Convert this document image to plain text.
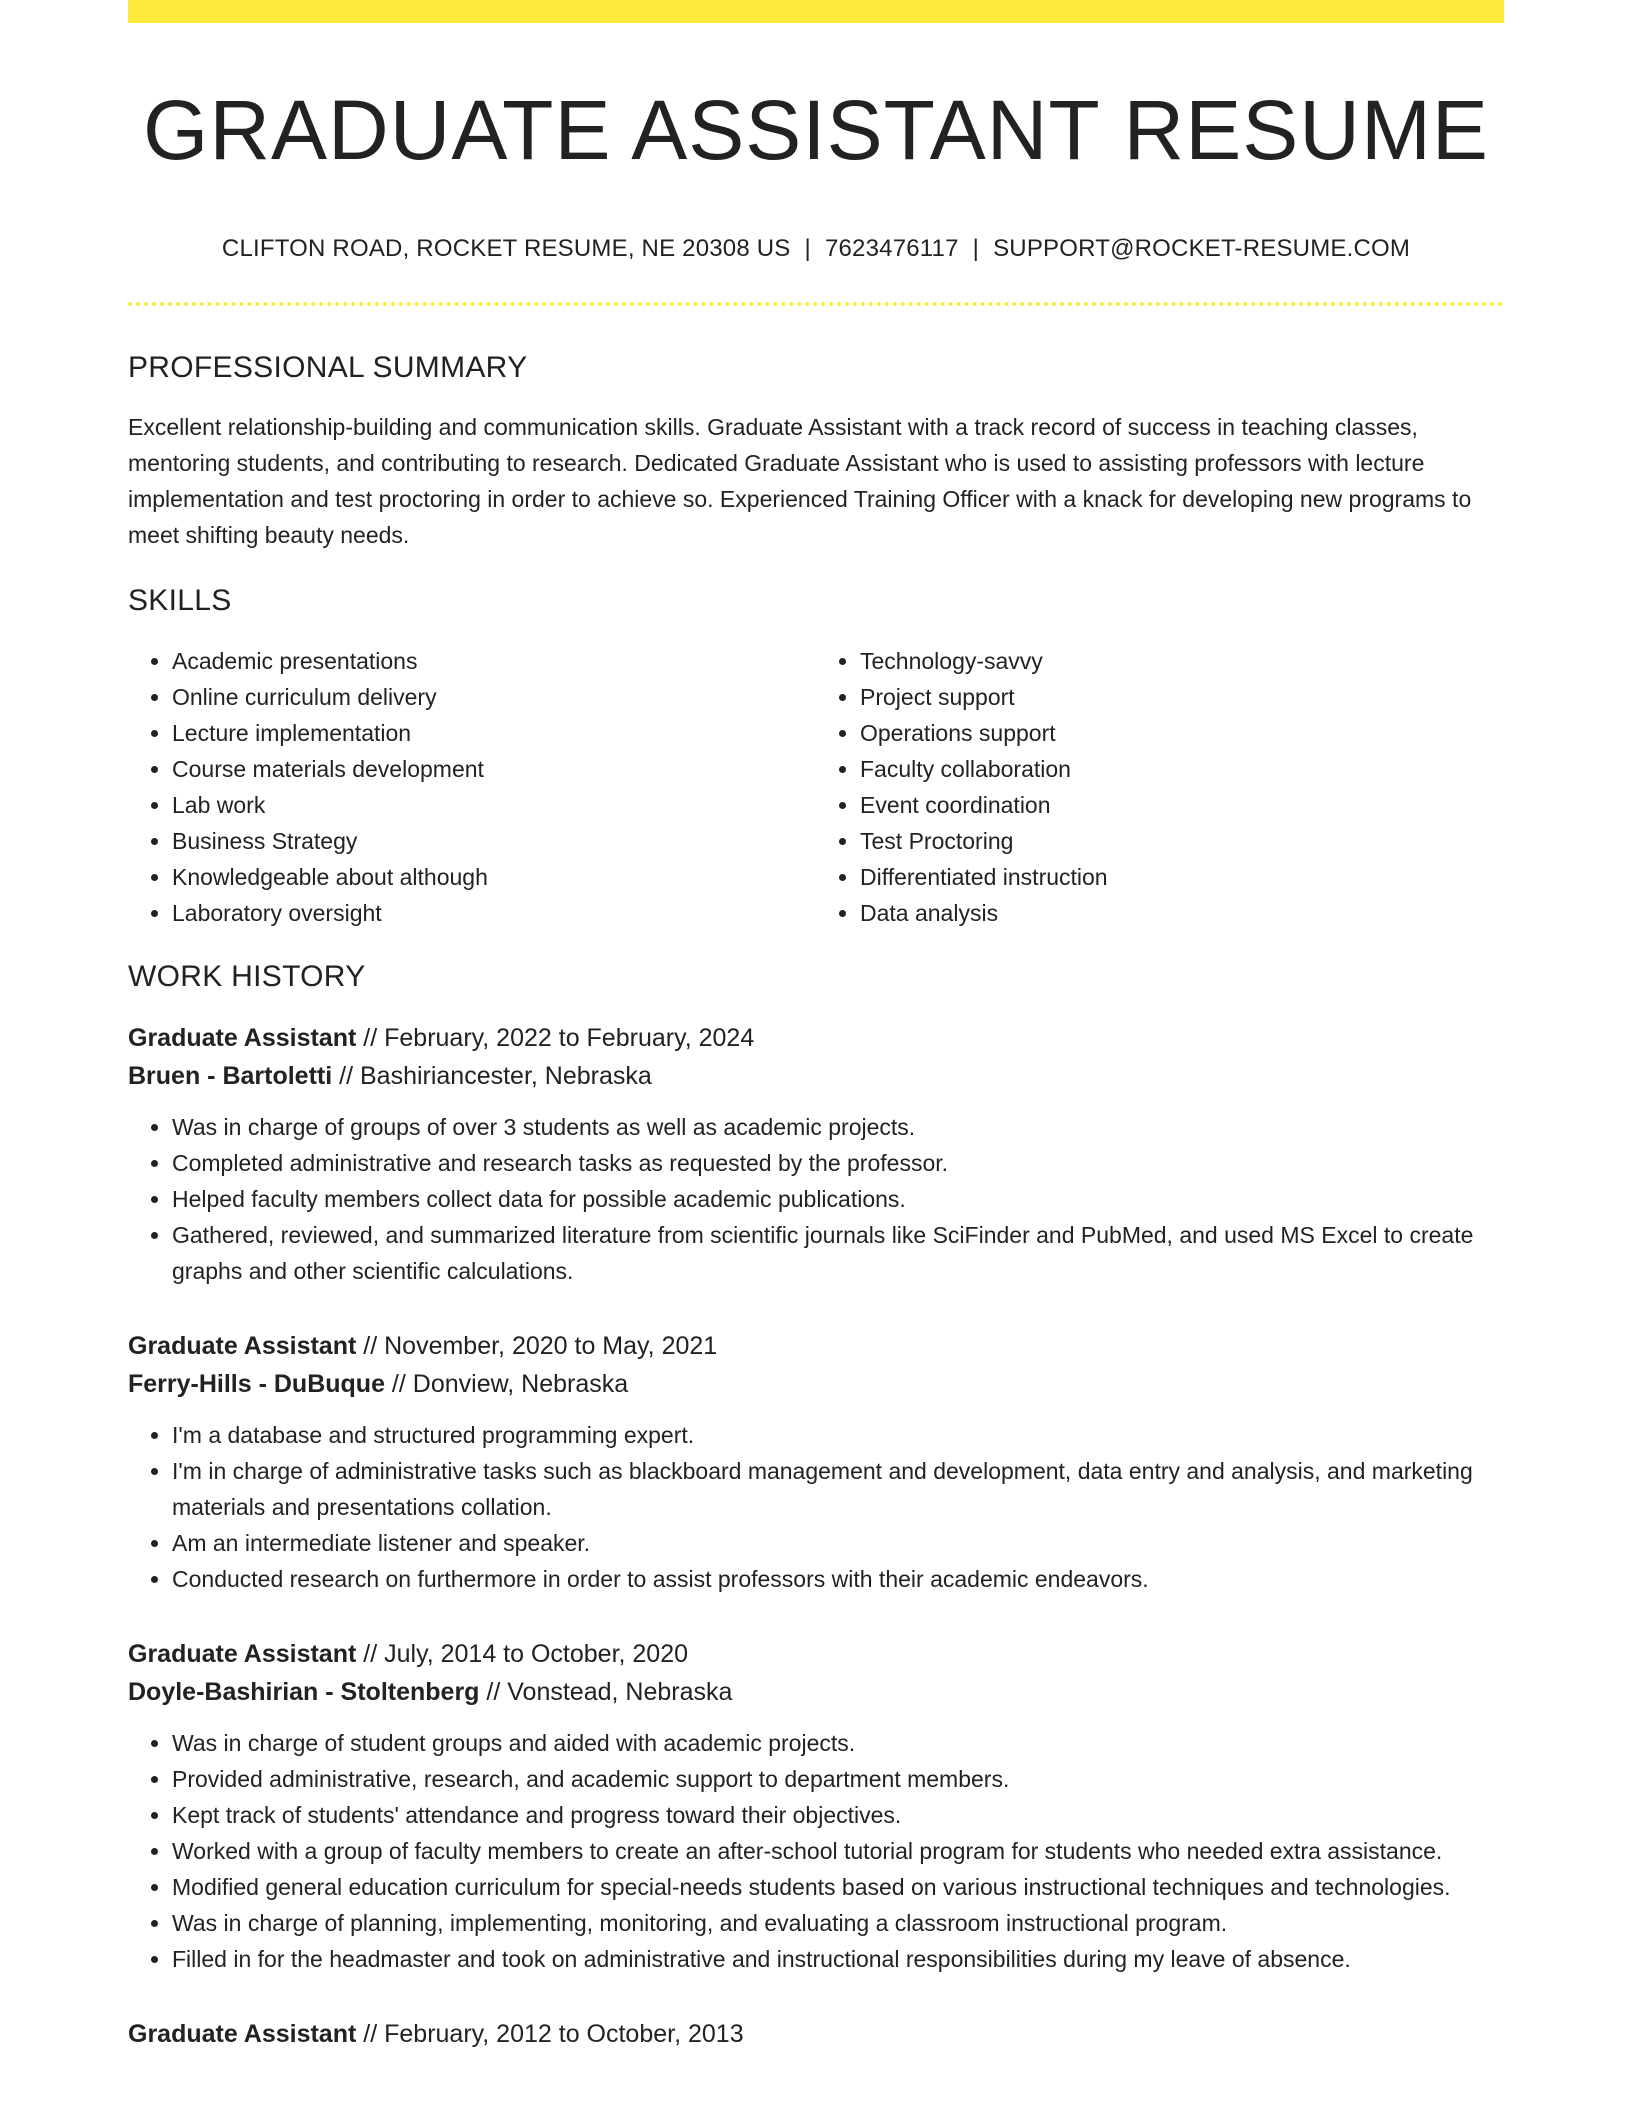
GRADUATE ASSISTANT RESUME
CLIFTON ROAD, ROCKET RESUME, NE 20308 US | 7623476117 | SUPPORT@ROCKET-RESUME.COM
PROFESSIONAL SUMMARY

Excellent relationship-building and communication skills. Graduate Assistant with a track record of success in teaching classes, mentoring students, and contributing to research. Dedicated Graduate Assistant who is used to assisting professors with lecture implementation and test proctoring in order to achieve so. Experienced Training Officer with a knack for developing new programs to meet shifting beauty needs.

SKILLS
• Academic presentations
• Online curriculum delivery
• Lecture implementation
• Course materials development
• Lab work
• Business Strategy
• Knowledgeable about although
• Laboratory oversight
• Technology-savvy
• Project support
• Operations support
• Faculty collaboration
• Event coordination
• Test Proctoring
• Differentiated instruction
• Data analysis
WORK HISTORY
Graduate Assistant // February, 2022 to February, 2024
Bruen - Bartoletti // Bashiriancester, Nebraska
• Was in charge of groups of over 3 students as well as academic projects.
• Completed administrative and research tasks as requested by the professor.
• Helped faculty members collect data for possible academic publications.
• Gathered, reviewed, and summarized literature from scientific journals like SciFinder and PubMed, and used MS Excel to create graphs and other scientific calculations.
Graduate Assistant // November, 2020 to May, 2021
Ferry-Hills - DuBuque // Donview, Nebraska
• I'm a database and structured programming expert.
• I'm in charge of administrative tasks such as blackboard management and development, data entry and analysis, and marketing materials and presentations collation.
• Am an intermediate listener and speaker.
• Conducted research on furthermore in order to assist professors with their academic endeavors.
Graduate Assistant // July, 2014 to October, 2020
Doyle-Bashirian - Stoltenberg // Vonstead, Nebraska
• Was in charge of student groups and aided with academic projects.
• Provided administrative, research, and academic support to department members.
• Kept track of students' attendance and progress toward their objectives.
• Worked with a group of faculty members to create an after-school tutorial program for students who needed extra assistance.
• Modified general education curriculum for special-needs students based on various instructional techniques and technologies.
• Was in charge of planning, implementing, monitoring, and evaluating a classroom instructional program.
• Filled in for the headmaster and took on administrative and instructional responsibilities during my leave of absence.
Graduate Assistant // February, 2012 to October, 2013
